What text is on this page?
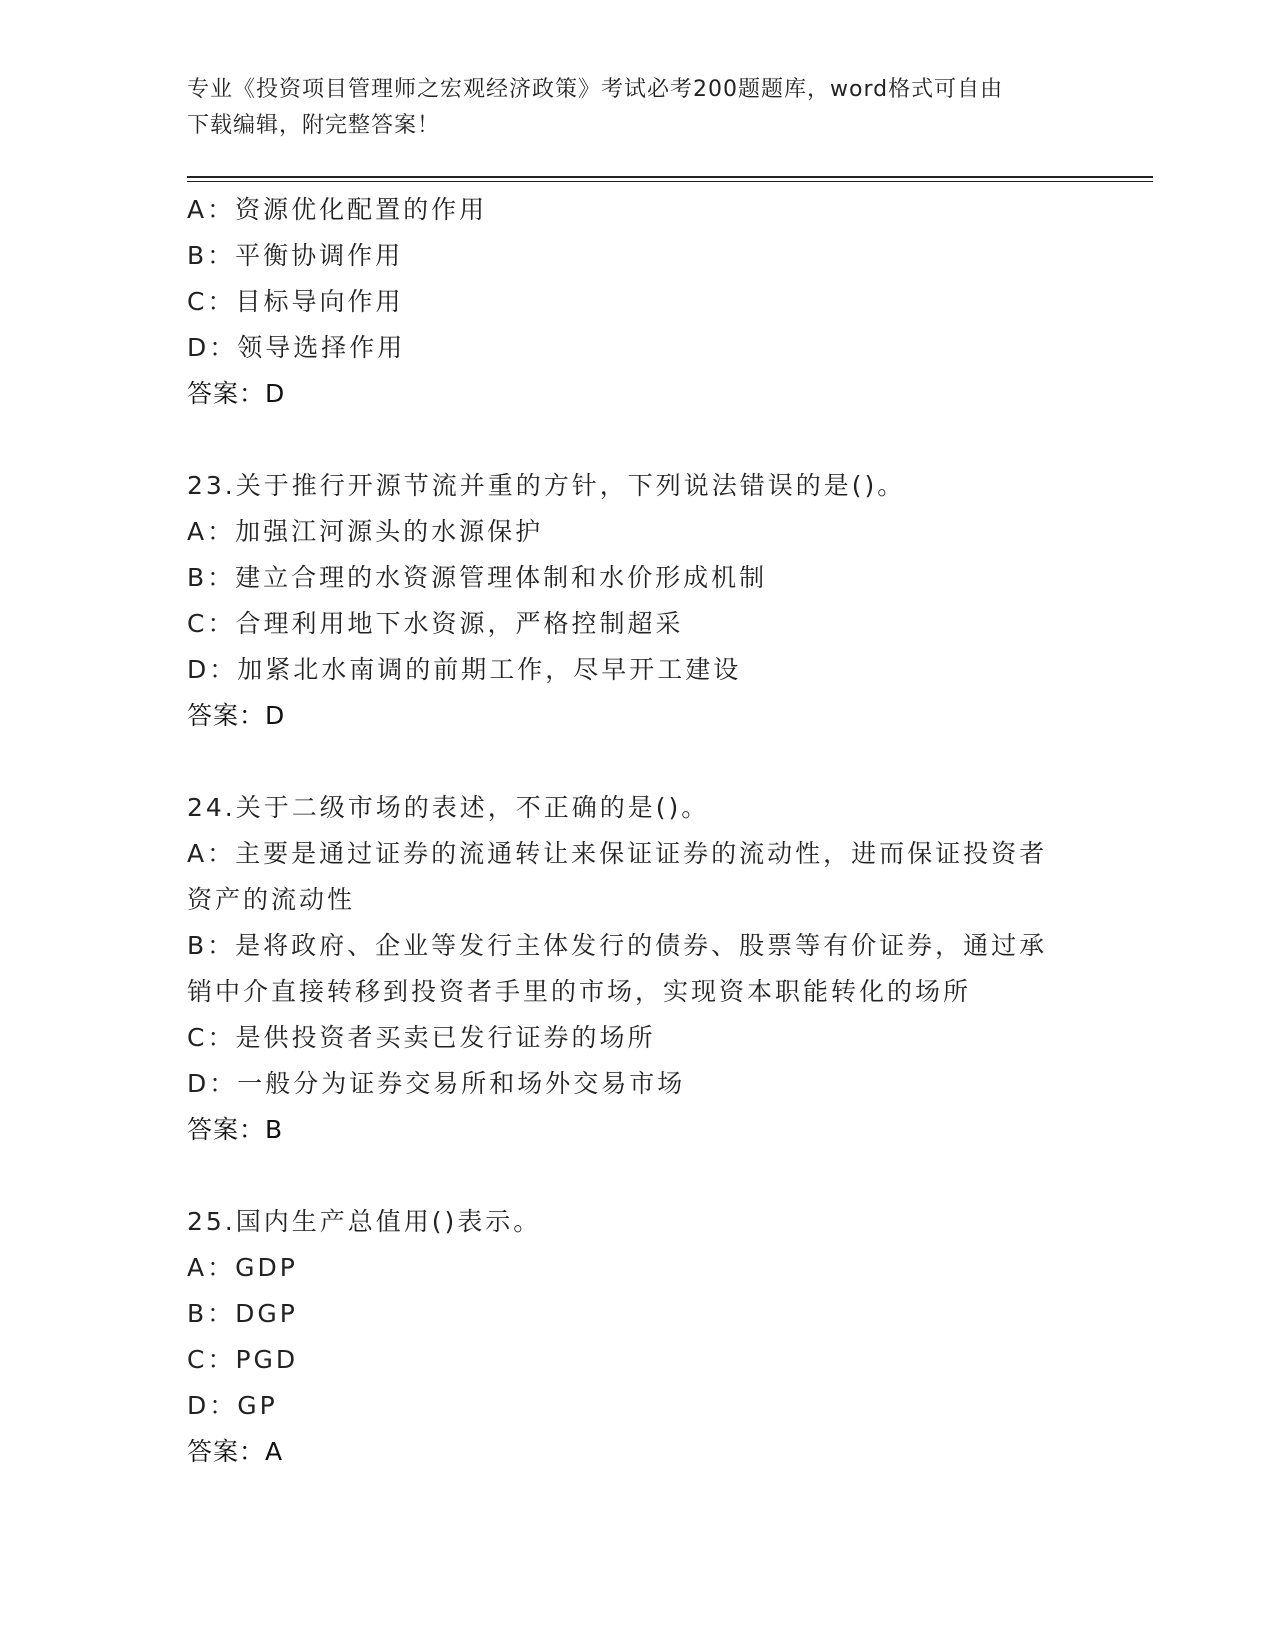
专业《投资项目管理师之宏观经济政策》考试必考200题题库，word格式可自由
下载编辑，附完整答案！
A：资源优化配置的作用
B：平衡协调作用
C：目标导向作用
D：领导选择作用
答案：D
23.关于推行开源节流并重的方针，下列说法错误的是()。
A：加强江河源头的水源保护
B：建立合理的水资源管理体制和水价形成机制
C：合理利用地下水资源，严格控制超采
D：加紧北水南调的前期工作，尽早开工建设
答案：D
24.关于二级市场的表述，不正确的是()。
A：主要是通过证券的流通转让来保证证券的流动性，进而保证投资者
资产的流动性
B：是将政府、企业等发行主体发行的债券、股票等有价证券，通过承
销中介直接转移到投资者手里的市场，实现资本职能转化的场所
C：是供投资者买卖已发行证券的场所
D：一般分为证券交易所和场外交易市场
答案：B
25.国内生产总值用()表示。
A：GDP
B：DGP
C：PGD
D：GP
答案：A
